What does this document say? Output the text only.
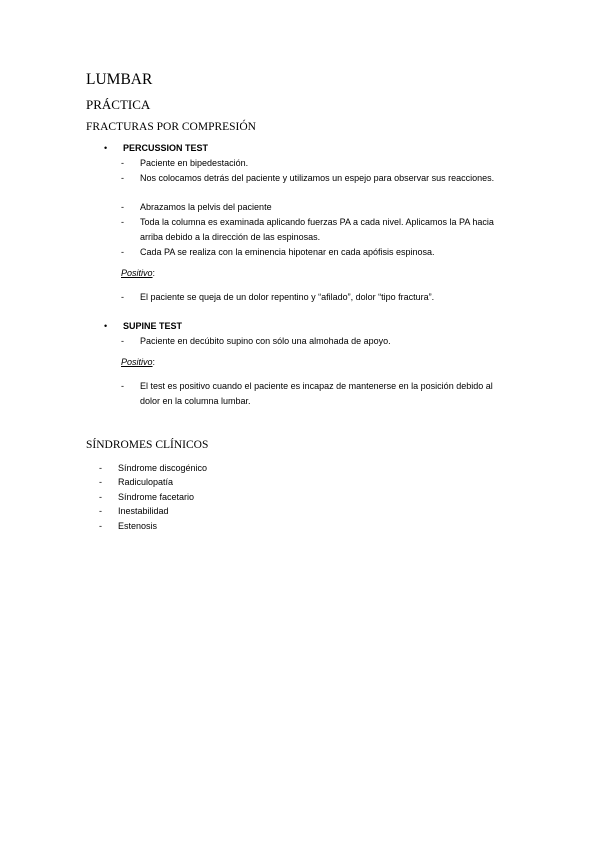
LUMBAR
PRÁCTICA
FRACTURAS POR COMPRESIÓN
• PERCUSSION TEST
- Paciente en bipedestación.
- Nos colocamos detrás del paciente y utilizamos un espejo para observar sus reacciones.
- Abrazamos la pelvis del paciente
- Toda la columna es examinada aplicando fuerzas PA a cada nivel. Aplicamos la PA hacia arriba debido a la dirección de las espinosas.
- Cada PA se realiza con la eminencia hipotenar en cada apófisis espinosa.
Positivo:
- El paciente se queja de un dolor repentino y “afilado”, dolor “tipo fractura”.
• SUPINE TEST
- Paciente en decúbito supino con sólo una almohada de apoyo.
Positivo:
- El test es positivo cuando el paciente es incapaz de mantenerse en la posición debido al dolor en la columna lumbar.
SÍNDROMES CLÍNICOS
- Síndrome discogénico
- Radiculopatía
- Síndrome facetario
- Inestabilidad
- Estenosis
